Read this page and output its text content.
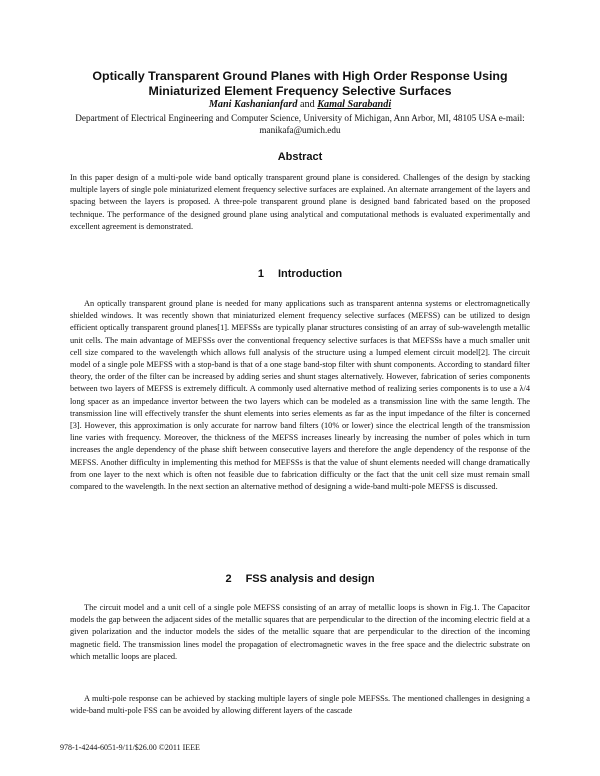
Optically Transparent Ground Planes with High Order Response Using Miniaturized Element Frequency Selective Surfaces
Mani Kashanianfard and Kamal Sarabandi
Department of Electrical Engineering and Computer Science, University of Michigan, Ann Arbor, MI, 48105 USA e-mail: manikafa@umich.edu
Abstract

In this paper design of a multi-pole wide band optically transparent ground plane is considered. Challenges of the design by stacking multiple layers of single pole miniaturized element frequency selective surfaces are explained. An alternate arrangement of the layers and spacing between the layers is proposed. A three-pole transparent ground plane is designed band fabricated based on the proposed technique. The performance of the designed ground plane using analytical and computational methods is evaluated experimentally and excellent agreement is demonstrated.

1 Introduction

An optically transparent ground plane is needed for many applications such as transparent antenna systems or electromagnetically shielded windows. It was recently shown that miniaturized element frequency selective surfaces (MEFSS) can be utilized to design efficient optically transparent ground planes[1]. MEFSSs are typically planar structures consisting of an array of sub-wavelength metallic unit cells. The main advantage of MEFSSs over the conventional frequency selective surfaces is that MEFSSs have a much smaller unit cell size compared to the wavelength which allows full analysis of the structure using a lumped element circuit model[2]. The circuit model of a single pole MEFSS with a stop-band is that of a one stage band-stop filter with shunt components. According to standard filter theory, the order of the filter can be increased by adding series and shunt stages alternatively. However, fabrication of series components between two layers of MEFSS is extremely difficult. A commonly used alternative method of realizing series components is to use a λ/4 long spacer as an impedance invertor between the two layers which can be modeled as a transmission line with the same length. The transmission line will effectively transfer the shunt elements into series elements as far as the input impedance of the filter is concerned [3]. However, this approximation is only accurate for narrow band filters (10% or lower) since the electrical length of the transmission line varies with frequency. Moreover, the thickness of the MEFSS increases linearly by increasing the number of poles which in turn increases the angle dependency of the phase shift between consecutive layers and therefore the angle dependency of the response of the MEFSS. Another difficulty in implementing this method for MEFSSs is that the value of shunt elements needed will change dramatically from one layer to the next which is often not feasible due to fabrication difficulty or the fact that the unit cell size must remain small compared to the wavelength. In the next section an alternative method of designing a wide-band multi-pole MEFSS is discussed.

2 FSS analysis and design

The circuit model and a unit cell of a single pole MEFSS consisting of an array of metallic loops is shown in Fig.1. The Capacitor models the gap between the adjacent sides of the metallic squares that are perpendicular to the direction of the incoming electric field at a given polarization and the inductor models the sides of the metallic square that are perpendicular to the direction of the incoming magnetic field. The transmission lines model the propagation of electromagnetic waves in the free space and the dielectric substrate on which metallic loops are placed.

A multi-pole response can be achieved by stacking multiple layers of single pole MEFSSs. The mentioned challenges in designing a wide-band multi-pole FSS can be avoided by allowing different layers of the cascade

978-1-4244-6051-9/11/$26.00 ©2011 IEEE
